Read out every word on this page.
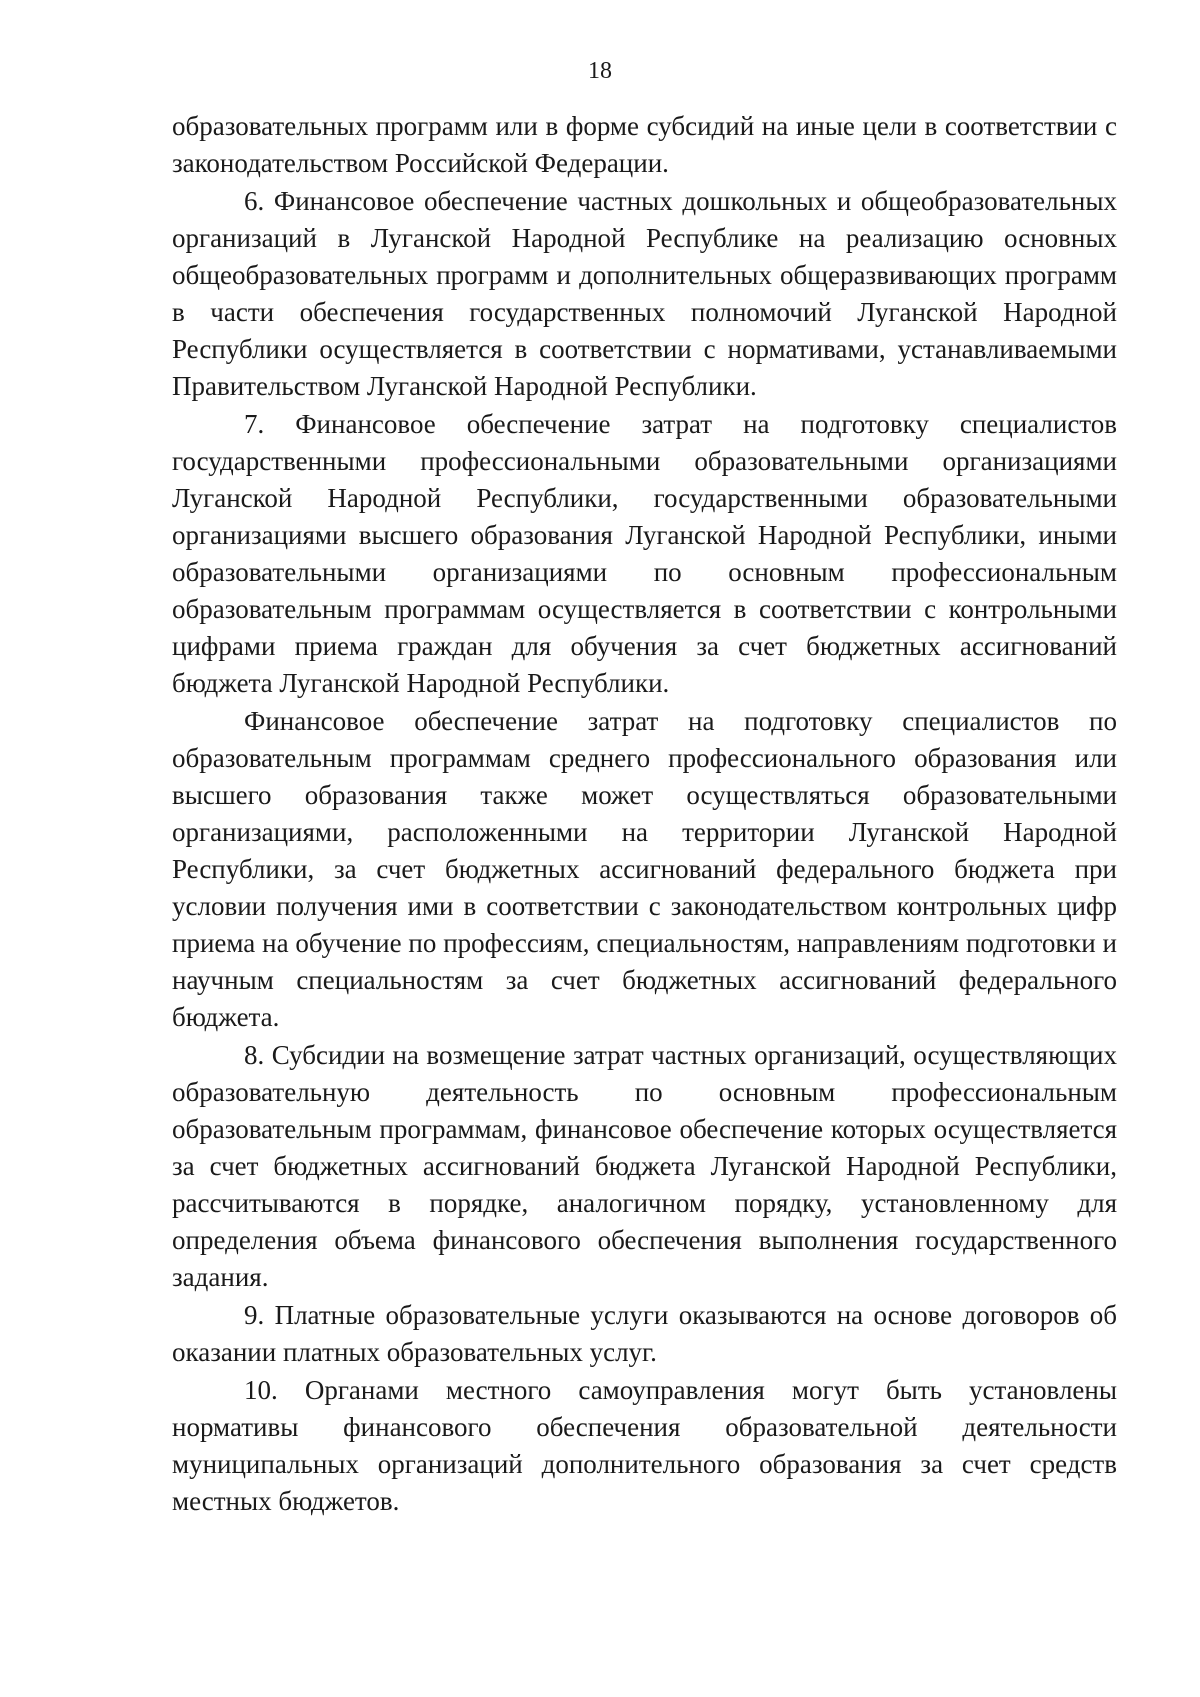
18

образовательных программ или в форме субсидий на иные цели в соответствии с законодательством Российской Федерации.

6. Финансовое обеспечение частных дошкольных и общеобразовательных организаций в Луганской Народной Республике на реализацию основных общеобразовательных программ и дополнительных общеразвивающих программ в части обеспечения государственных полномочий Луганской Народной Республики осуществляется в соответствии с нормативами, устанавливаемыми Правительством Луганской Народной Республики.

7. Финансовое обеспечение затрат на подготовку специалистов государственными профессиональными образовательными организациями Луганской Народной Республики, государственными образовательными организациями высшего образования Луганской Народной Республики, иными образовательными организациями по основным профессиональным образовательным программам осуществляется в соответствии с контрольными цифрами приема граждан для обучения за счет бюджетных ассигнований бюджета Луганской Народной Республики.

Финансовое обеспечение затрат на подготовку специалистов по образовательным программам среднего профессионального образования или высшего образования также может осуществляться образовательными организациями, расположенными на территории Луганской Народной Республики, за счет бюджетных ассигнований федерального бюджета при условии получения ими в соответствии с законодательством контрольных цифр приема на обучение по профессиям, специальностям, направлениям подготовки и научным специальностям за счет бюджетных ассигнований федерального бюджета.

8. Субсидии на возмещение затрат частных организаций, осуществляющих образовательную деятельность по основным профессиональным образовательным программам, финансовое обеспечение которых осуществляется за счет бюджетных ассигнований бюджета Луганской Народной Республики, рассчитываются в порядке, аналогичном порядку, установленному для определения объема финансового обеспечения выполнения государственного задания.

9. Платные образовательные услуги оказываются на основе договоров об оказании платных образовательных услуг.

10. Органами местного самоуправления могут быть установлены нормативы финансового обеспечения образовательной деятельности муниципальных организаций дополнительного образования за счет средств местных бюджетов.
